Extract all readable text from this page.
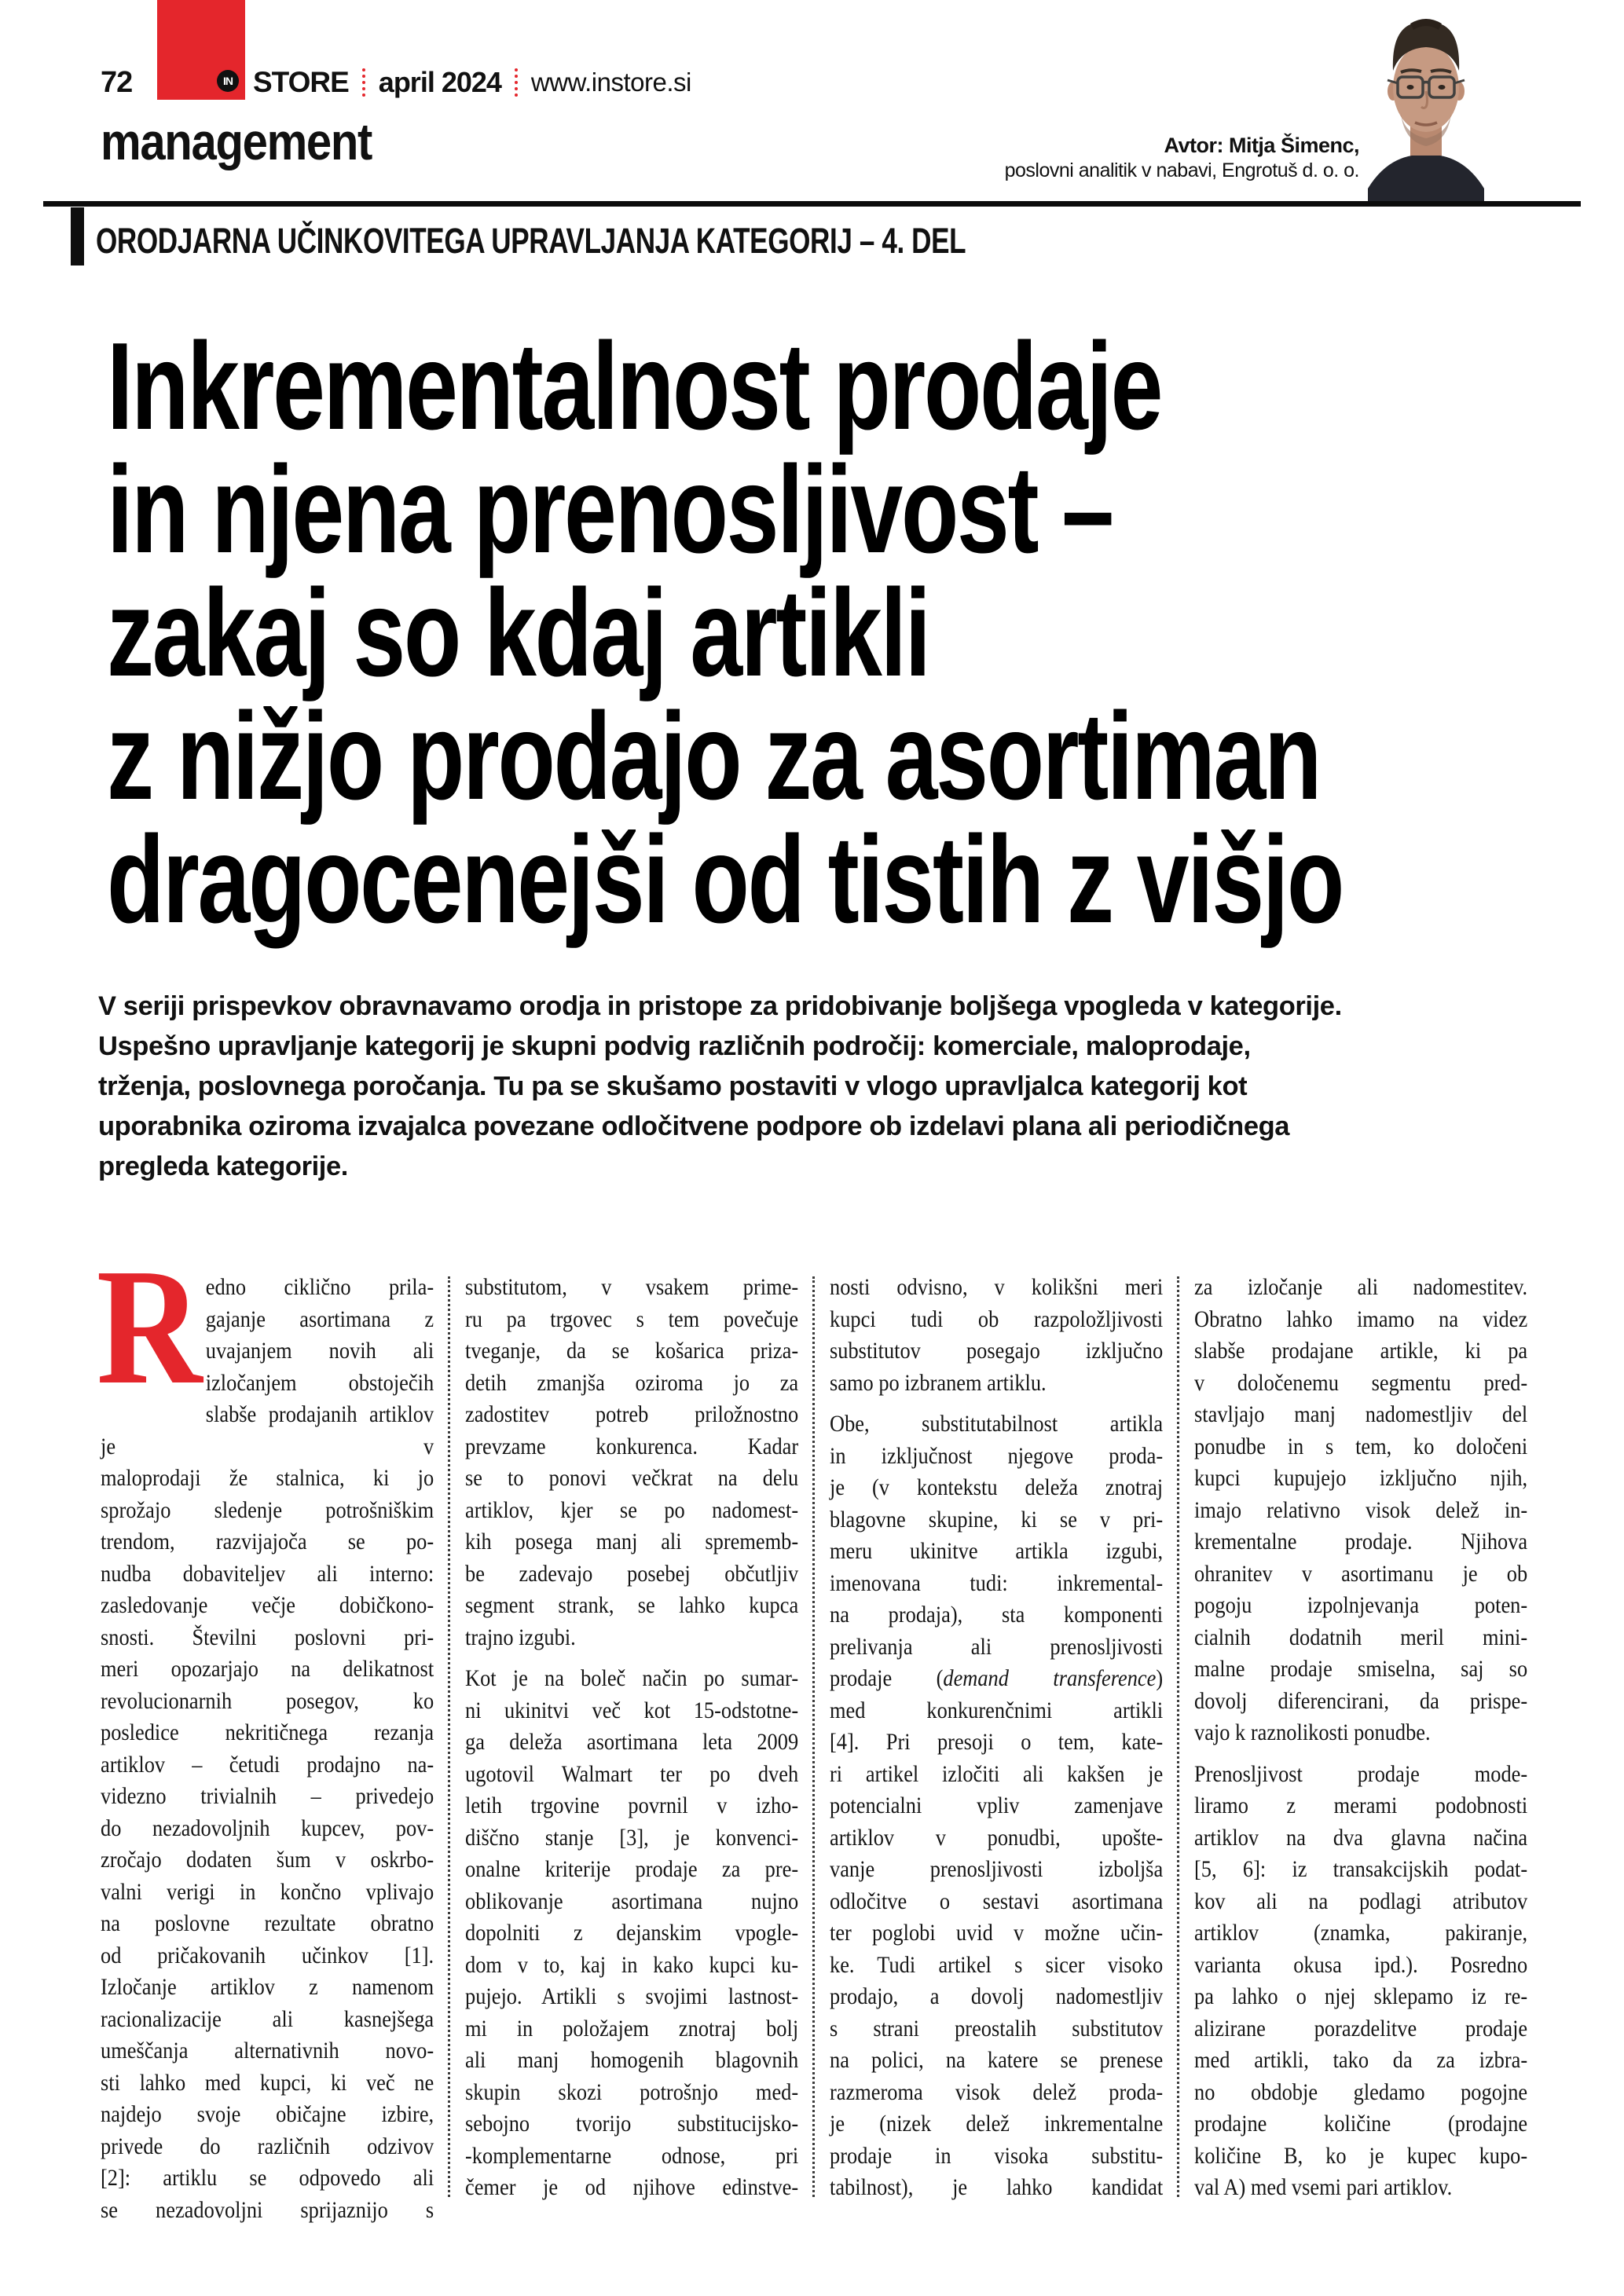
72	IN STORE april 2024 www.instore.si
management	Avtor: Mitja Šimenc,
poslovni analitik v nabavi, Engrotuš d. o. o.
ORODJARNA UČINKOVITEGA UPRAVLJANJA KATEGORIJ – 4. DEL
Inkrementalnost prodaje
in njena prenosljivost –
zakaj so kdaj artikli
z nižjo prodajo za asortiman
dragocenejši od tistih z višjo
V seriji prispevkov obravnavamo orodja in pristope za pridobivanje boljšega vpogleda v kategorije.
Uspešno upravljanje kategorij je skupni podvig različnih področij: komerciale, maloprodaje,
trženja, poslovnega poročanja. Tu pa se skušamo postaviti v vlogo upravljalca kategorij kot
uporabnika oziroma izvajalca povezane odločitvene podpore ob izdelavi plana ali periodičnega
pregleda kategorije.
R edno ciklično prila-
gajanje asortimana z
uvajanjem novih ali
izločanjem obstoječih
slabše prodajanih artiklov je v
maloprodaji že stalnica, ki jo
sprožajo sledenje potrošniškim
trendom, razvijajoča se po-
nudba dobaviteljev ali interno:
zasledovanje večje dobičkono-
snosti. Številni poslovni pri-
meri opozarjajo na delikatnost
revolucionarnih posegov, ko
posledice nekritičnega rezanja
artiklov – četudi prodajno na-
videzno trivialnih – privedejo
do nezadovoljnih kupcev, pov-
zročajo dodaten šum v oskrbo-
valni verigi in končno vplivajo
na poslovne rezultate obratno
od pričakovanih učinkov [1].
Izločanje artiklov z namenom
racionalizacije ali kasnejšega
umeščanja alternativnih novo-
sti lahko med kupci, ki več ne
najdejo svoje običajne izbire,
privede do različnih odzivov
[2]: artiklu se odpovedo ali
se nezadovoljni sprijaznijo s
substitutom, v vsakem prime-
ru pa trgovec s tem povečuje
tveganje, da se košarica priza-
detih zmanjša oziroma jo za
zadostitev potreb priložnostno
prevzame konkurenca. Kadar
se to ponovi večkrat na delu
artiklov, kjer se po nadomest-
kih posega manj ali sprememb-
be zadevajo posebej občutljiv
segment strank, se lahko kupca
trajno izgubi.
Kot je na boleč način po sumar-
ni ukinitvi več kot 15-odstotne-
ga deleža asortimana leta 2009
ugotovil Walmart ter po dveh
letih trgovine povrnil v izho-
diščno stanje [3], je konvenci-
onalne kriterije prodaje za pre-
oblikovanje asortimana nujno
dopolniti z dejanskim vpogle-
dom v to, kaj in kako kupci ku-
pujejo. Artikli s svojimi lastnost-
mi in položajem znotraj bolj
ali manj homogenih blagovnih
skupin skozi potrošnjo med-
sebojno tvorijo substitucijsko-
-komplementarne odnose, pri
čemer je od njihove edinstve-
nosti odvisno, v kolikšni meri
kupci tudi ob razpoložljivosti
substitutov posegajo izključno
samo po izbranem artiklu.
Obe, substitutabilnost artikla
in izključnost njegove proda-
je (v kontekstu deleža znotraj
blagovne skupine, ki se v pri-
meru ukinitve artikla izgubi,
imenovana tudi: inkremental-
na prodaja), sta komponenti
prelivanja ali prenosljivosti
prodaje (demand transference)
med konkurenčnimi artikli
[4]. Pri presoji o tem, kate-
ri artikel izločiti ali kakšen je
potencialni vpliv zamenjave
artiklov v ponudbi, upošte-
vanje prenosljivosti izboljša
odločitve o sestavi asortimana
ter poglobi uvid v možne učin-
ke. Tudi artikel s sicer visoko
prodajo, a dovolj nadomestljiv
s strani preostalih substitutov
na polici, na katere se prenese
razmeroma visok delež proda-
je (nizek delež inkrementalne
prodaje in visoka substitu-
tabilnost), je lahko kandidat
za izločanje ali nadomestitev.
Obratno lahko imamo na videz
slabše prodajane artikle, ki pa
v določenemu segmentu pred-
stavljajo manj nadomestljiv del
ponudbe in s tem, ko določeni
kupci kupujejo izključno njih,
imajo relativno visok delež in-
krementalne prodaje. Njihova
ohranitev v asortimanu je ob
pogoju izpolnjevanja poten-
cialnih dodatnih meril mini-
malne prodaje smiselna, saj so
dovolj diferencirani, da prispe-
vajo k raznolikosti ponudbe.
Prenosljivost prodaje mode-
liramo z merami podobnosti
artiklov na dva glavna načina
[5, 6]: iz transakcijskih podat-
kov ali na podlagi atributov
artiklov (znamka, pakiranje,
varianta okusa ipd.). Posredno
pa lahko o njej sklepamo iz re-
alizirane porazdelitve prodaje
med artikli, tako da za izbra-
no obdobje gledamo pogojne
prodajne količine (prodajne
količine B, ko je kupec kupo-
val A) med vsemi pari artiklov.
